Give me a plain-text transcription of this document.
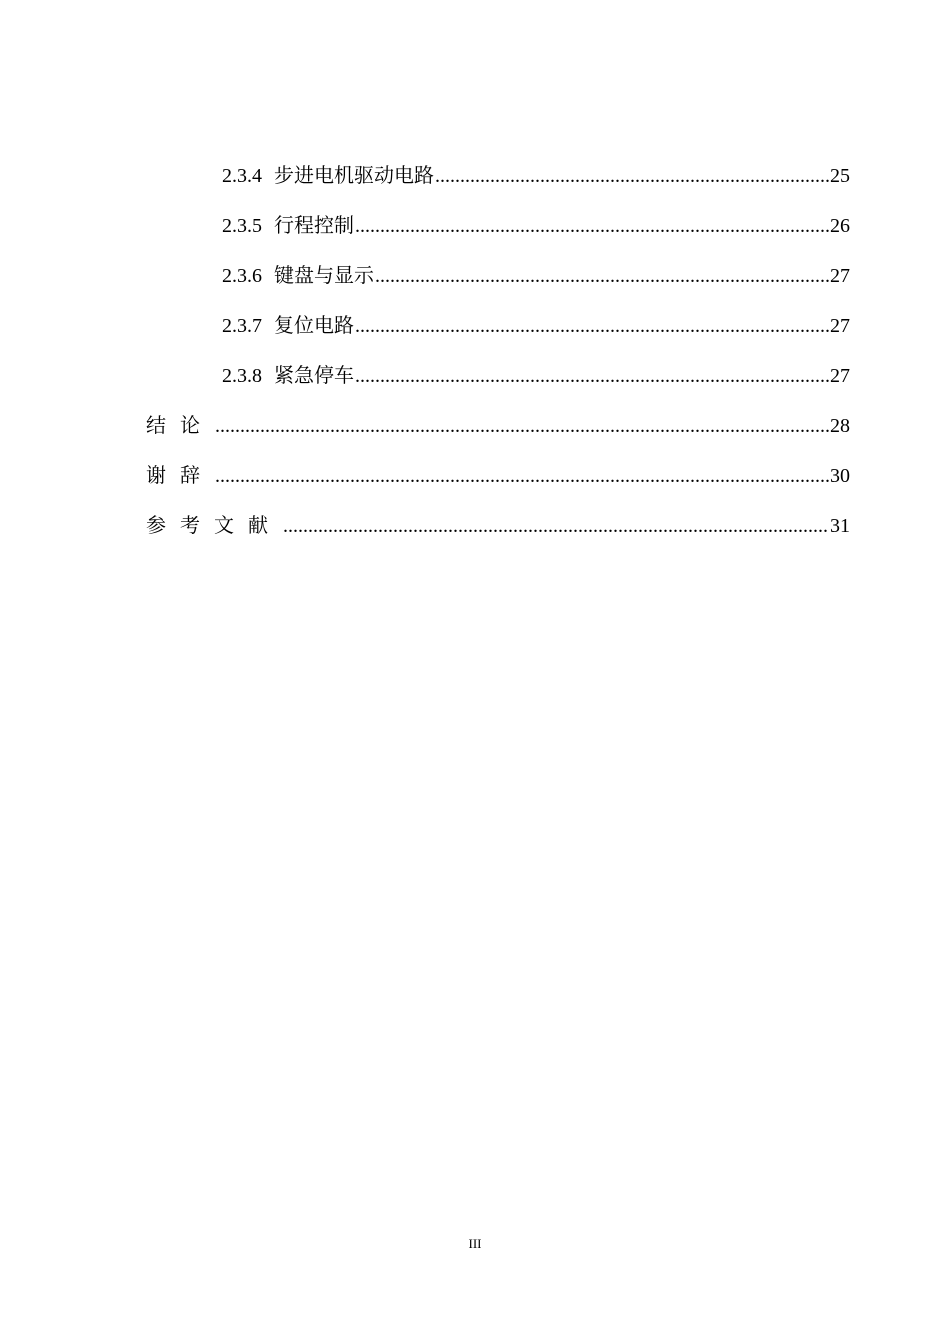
2.3.4 步进电机驱动电路 .....	25
2.3.5 行程控制 .....	26
2.3.6 键盘与显示 .....	27
2.3.7 复位电路 .....	27
2.3.8 紧急停车 .....	27
结论 .....	28
谢辞 .....	30
参考文献 .....	31
III
